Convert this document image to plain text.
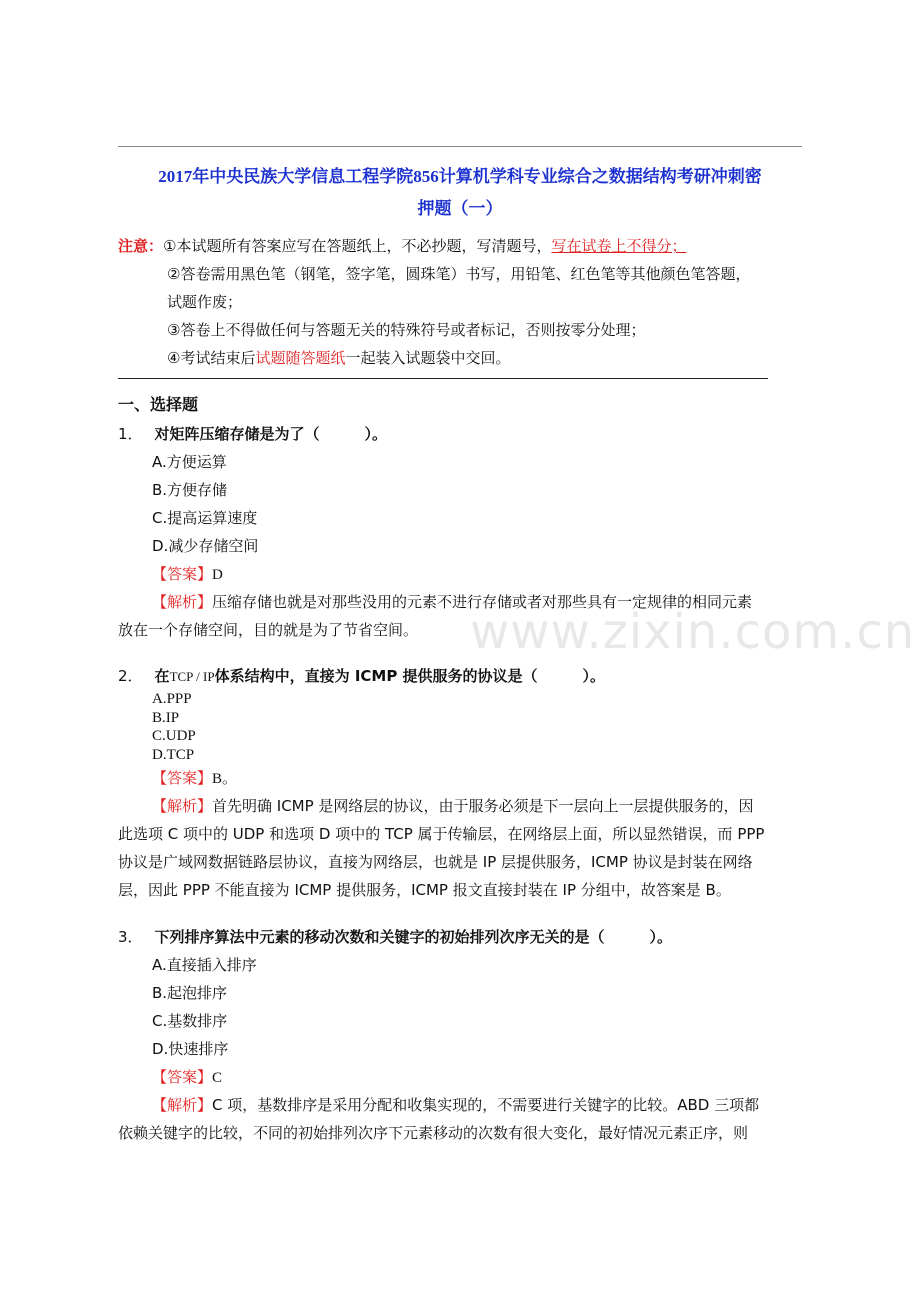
2017年中央民族大学信息工程学院856计算机学科专业综合之数据结构考研冲刺密
押题（一）
注意：①本试题所有答案应写在答题纸上，不必抄题，写清题号，写在试卷上不得分；
②答卷需用黑色笔（钢笔，签字笔，圆珠笔）书写，用铅笔、红色笔等其他颜色笔答题，
试题作废；
③答卷上不得做任何与答题无关的特殊符号或者标记，否则按零分处理；
④考试结束后试题随答题纸一起装入试题袋中交回。
一、选择题
1． 对矩阵压缩存储是为了（　　　）。
A.方便运算
B.方便存储
C.提高运算速度
D.减少存储空间
【答案】D
【解析】压缩存储也就是对那些没用的元素不进行存储或者对那些具有一定规律的相同元素
放在一个存储空间，目的就是为了节省空间。	www.zixin.com.cn
2． 在TCP / IP体系结构中，直接为 ICMP 提供服务的协议是（　　　）。
A.PPP
B.IP
C.UDP
D.TCP
【答案】B。
【解析】首先明确 ICMP 是网络层的协议，由于服务必须是下一层向上一层提供服务的，因
此选项 C 项中的 UDP 和选项 D 项中的 TCP 属于传输层，在网络层上面，所以显然错误，而 PPP
协议是广域网数据链路层协议，直接为网络层，也就是 IP 层提供服务，ICMP 协议是封装在网络
层，因此 PPP 不能直接为 ICMP 提供服务，ICMP 报文直接封装在 IP 分组中，故答案是 B。
3． 下列排序算法中元素的移动次数和关键字的初始排列次序无关的是（　　　）。
A.直接插入排序
B.起泡排序
C.基数排序
D.快速排序
【答案】C
【解析】C 项，基数排序是采用分配和收集实现的，不需要进行关键字的比较。ABD 三项都
依赖关键字的比较，不同的初始排列次序下元素移动的次数有很大变化，最好情况元素正序，则
